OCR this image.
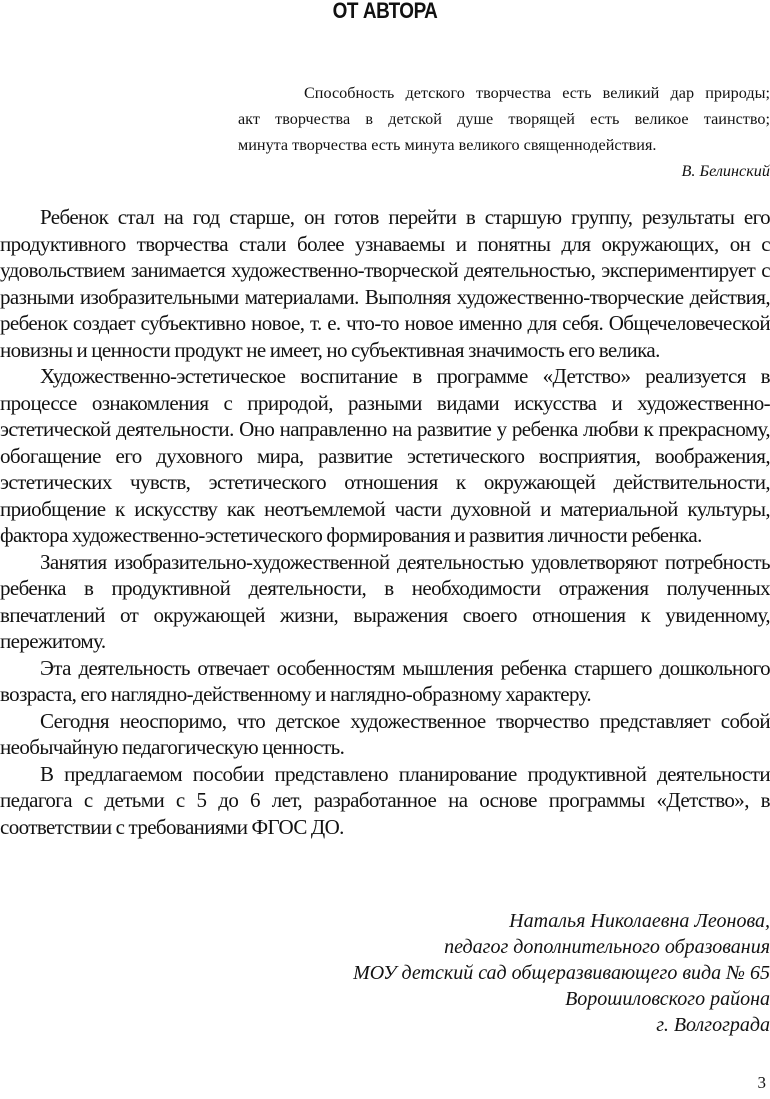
ОТ АВТОРА
Способность детского творчества есть великий дар природы;
акт творчества в детской душе творящей есть великое таинство;
минута творчества есть минута великого священнодействия.
В. Белинский

Ребенок стал на год старше, он готов перейти в старшую группу, результаты его продуктивного творчества стали более узнаваемы и понятны для окружающих, он с удовольствием занимается художественно-творческой деятельностью, экспериментирует с разными изобразительными материалами. Выполняя художественно-творческие действия, ребенок создает субъективно новое, т. е. что-то новое именно для себя. Общечеловеческой новизны и ценности продукт не имеет, но субъективная значимость его велика.

Художественно-эстетическое воспитание в программе «Детство» реализуется в процессе ознакомления с природой, разными видами искусства и художественно-эстетической деятельности. Оно направленно на развитие у ребенка любви к прекрасному, обогащение его духовного мира, развитие эстетического восприятия, воображения, эстетических чувств, эстетического отношения к окружающей действительности, приобщение к искусству как неотъемлемой части духовной и материальной культуры, фактора художественно-эстетического формирования и развития личности ребенка.

Занятия изобразительно-художественной деятельностью удовлетворяют потребность ребенка в продуктивной деятельности, в необходимости отражения полученных впечатлений от окружающей жизни, выражения своего отношения к увиденному, пережитому.

Эта деятельность отвечает особенностям мышления ребенка старшего дошкольного возраста, его наглядно-действенному и наглядно-образному характеру.

Сегодня неоспоримо, что детское художественное творчество представляет собой необычайную педагогическую ценность.

В предлагаемом пособии представлено планирование продуктивной деятельности педагога с детьми с 5 до 6 лет, разработанное на основе программы «Детство», в соответствии с требованиями ФГОС ДО.

Наталья Николаевна Леонова,
педагог дополнительного образования
МОУ детский сад общеразвивающего вида № 65
Ворошиловского района
г. Волгограда
3
